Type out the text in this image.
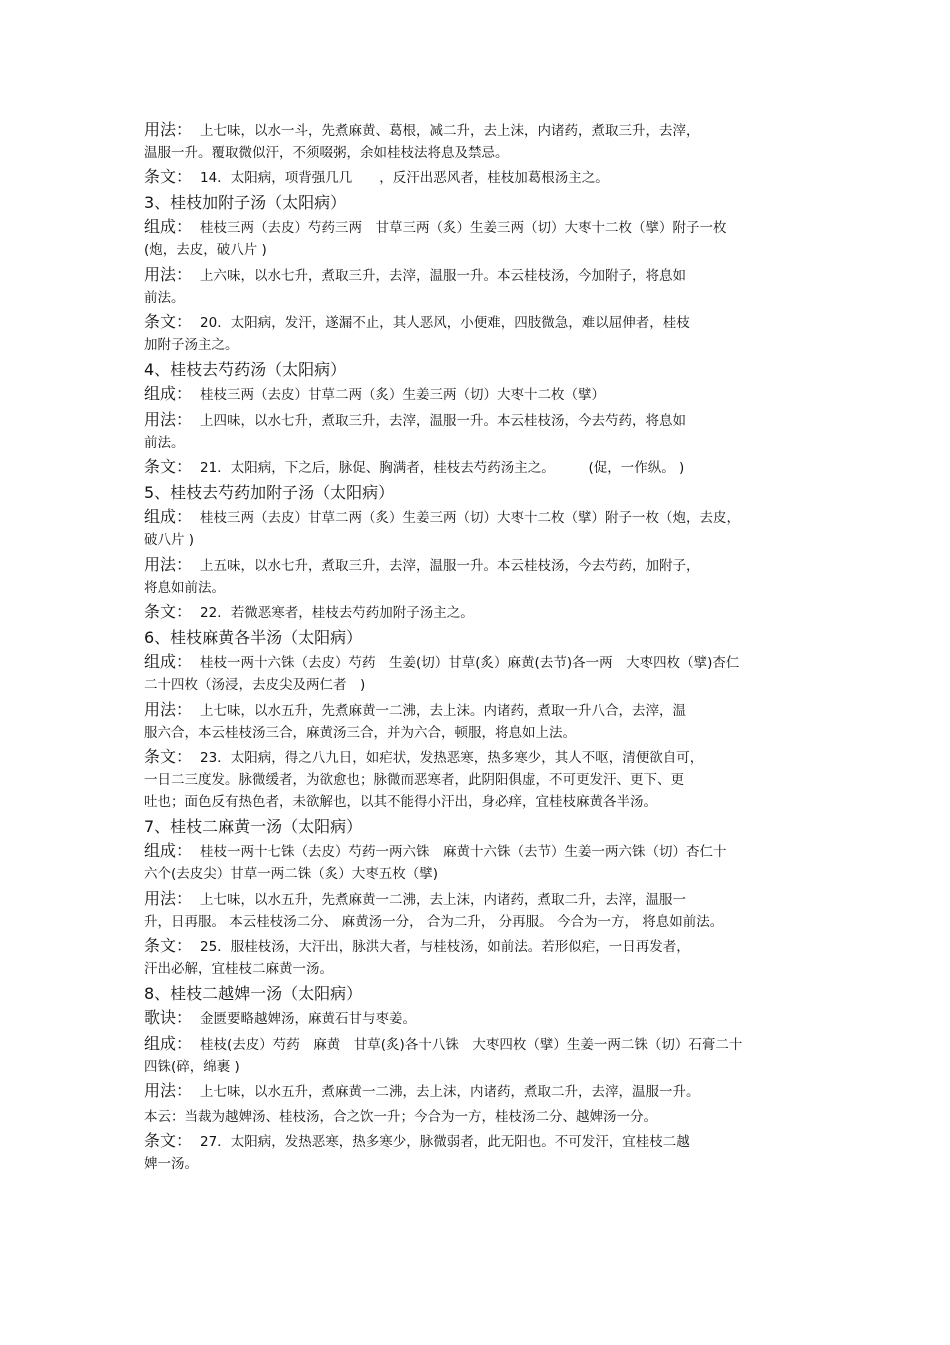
用法： 上七味，以水一斗，先煮麻黄、葛根，减二升，去上沫，内诸药，煮取三升，去滓，
温服一升。覆取微似汗，不须啜粥，余如桂枝法将息及禁忌。
条文： 14．太阳病，项背强几几　　，反汗出恶风者，桂枝加葛根汤主之。
3、桂枝加附子汤（太阳病）
组成： 桂枝三两（去皮）芍药三两　甘草三两（炙）生姜三两（切）大枣十二枚（擘）附子一枚
(炮，去皮，破八片 )
用法： 上六味，以水七升，煮取三升，去滓，温服一升。本云桂枝汤，今加附子，将息如
前法。
条文： 20．太阳病，发汗，遂漏不止，其人恶风，小便难，四肢微急，难以屈伸者，桂枝
加附子汤主之。
4、桂枝去芍药汤（太阳病）
组成： 桂枝三两（去皮）甘草二两（炙）生姜三两（切）大枣十二枚（擘）
用法： 上四味，以水七升，煮取三升，去滓，温服一升。本云桂枝汤，今去芍药，将息如
前法。
条文： 21．太阳病，下之后，脉促、胸满者，桂枝去芍药汤主之。　　　(促，一作纵。 )
5、桂枝去芍药加附子汤（太阳病）
组成： 桂枝三两（去皮）甘草二两（炙）生姜三两（切）大枣十二枚（擘）附子一枚（炮，去皮，
破八片 )
用法： 上五味，以水七升，煮取三升，去滓，温服一升。本云桂枝汤，今去芍药，加附子，
将息如前法。
条文： 22．若微恶寒者，桂枝去芍药加附子汤主之。
6、桂枝麻黄各半汤（太阳病）
组成： 桂枝一两十六铢（去皮）芍药　生姜(切）甘草(炙）麻黄(去节)各一两　大枣四枚（擘)杏仁
二十四枚（汤浸，去皮尖及两仁者　)
用法： 上七味，以水五升，先煮麻黄一二沸，去上沫。内诸药，煮取一升八合，去滓，温
服六合，本云桂枝汤三合，麻黄汤三合，并为六合，顿服，将息如上法。
条文： 23．太阳病，得之八九日，如疟状，发热恶寒，热多寒少，其人不呕，清便欲自可，
一日二三度发。脉微缓者，为欲愈也；脉微而恶寒者，此阴阳俱虚，不可更发汗、更下、更
吐也；面色反有热色者，未欲解也，以其不能得小汗出，身必痒，宜桂枝麻黄各半汤。
7、桂枝二麻黄一汤（太阳病）
组成： 桂枝一两十七铢（去皮）芍药一两六铢　麻黄十六铢（去节）生姜一两六铢（切）杏仁十
六个(去皮尖）甘草一两二铢（炙）大枣五枚（擘)
用法： 上七味，以水五升，先煮麻黄一二沸，去上沫，内诸药，煮取二升，去滓，温服一
升，日再服。 本云桂枝汤二分、 麻黄汤一分， 合为二升， 分再服。 今合为一方， 将息如前法。
条文： 25．服桂枝汤，大汗出，脉洪大者，与桂枝汤，如前法。若形似疟，一日再发者，
汗出必解，宜桂枝二麻黄一汤。
8、桂枝二越婢一汤（太阳病）
歌诀： 金匮要略越婢汤，麻黄石甘与枣姜。
组成： 桂枝(去皮）芍药　麻黄　甘草(炙)各十八铢　大枣四枚（擘）生姜一两二铢（切）石膏二十
四铢(碎，绵裹 )
用法： 上七味，以水五升，煮麻黄一二沸，去上沫，内诸药，煮取二升，去滓，温服一升。
本云：当裁为越婢汤、桂枝汤，合之饮一升；今合为一方，桂枝汤二分、越婢汤一分。
条文： 27．太阳病，发热恶寒，热多寒少，脉微弱者，此无阳也。不可发汗，宜桂枝二越
婢一汤。
